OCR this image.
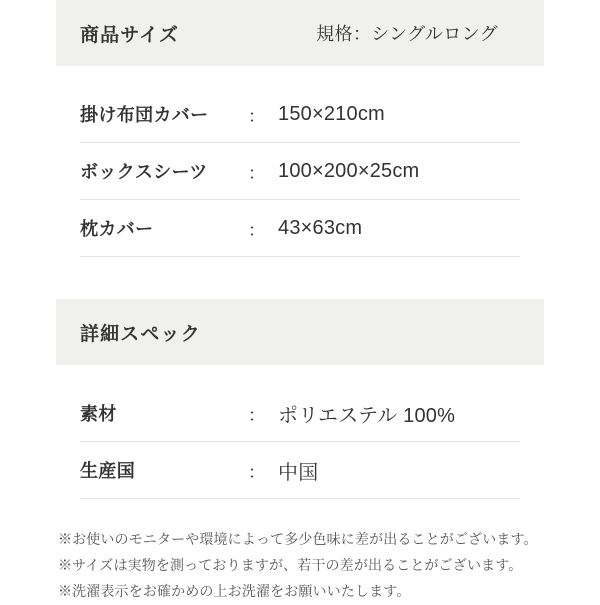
商品サイズ	規格：シングルロング
掛け布団カバー	： 150×210cm
ボックスシーツ	： 100×200×25cm
枕カバー	： 43×63cm
詳細スペック
素材	： ポリエステル 100%
生産国	： 中国
※お使いのモニターや環境によって多少色味に差が出ることがございます。
※サイズは実物を測っておりますが、若干の差が出ることがございます。
※洗濯表示をお確かめの上お洗濯をお願いいたします。
